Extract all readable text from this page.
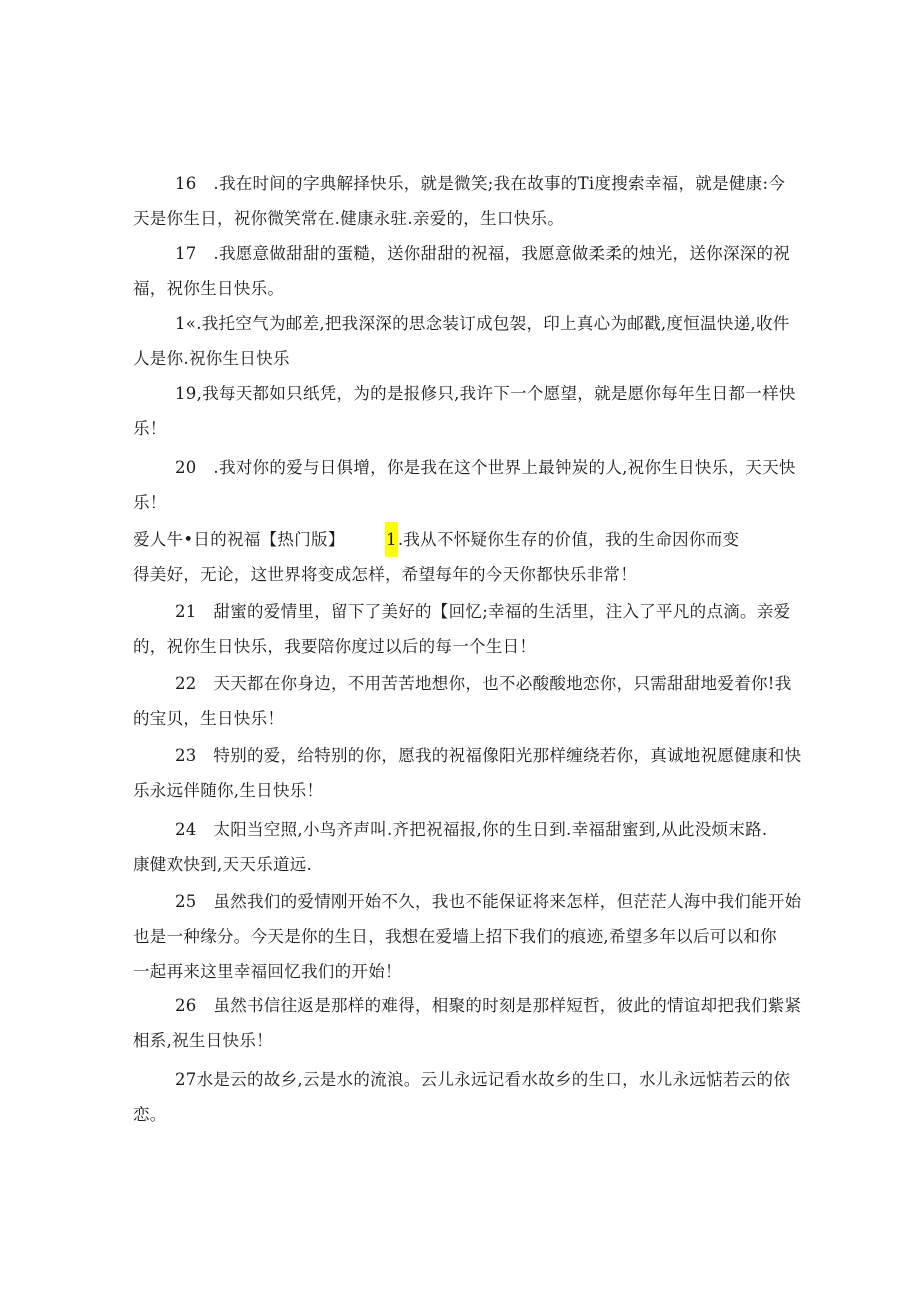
16　.我在时间的字典解择快乐，就是微笑;我在故事的Ti度搜索幸福，就是健康:今
天是你生日，祝你微笑常在.健康永驻.亲爱的，生口快乐。
17　.我愿意做甜甜的蛋糙，送你甜甜的祝福，我愿意做柔柔的烛光，送你深深的祝
福，祝你生日快乐。
1«.我托空气为邮差,把我深深的思念装订成包袈，印上真心为邮戳,度恒温快递,收件
人是你.祝你生日快乐
19,我每天都如只纸凭，为的是报修只,我许下一个愿望，就是愿你每年生日都一样快
乐！
20　.我对你的爱与日俱增，你是我在这个世界上最钟炭的人,祝你生日快乐，天天快
乐！
爱人牛•日的祝福【热门版】	1.我从不怀疑你生存的价值，我的生命因你而变
得美好，无论，这世界将变成怎样，希望每年的今天你都快乐非常！
21　甜蜜的爱情里，留下了美好的【回忆;幸福的生活里，注入了平凡的点滴。亲爱
的，祝你生日快乐，我要陪你度过以后的每一个生日！
22　天天都在你身边，不用苦苦地想你，也不必酸酸地恋你，只需甜甜地爱着你!我
的宝贝，生日快乐！
23　特别的爱，给特别的你，愿我的祝福像阳光那样缠绕若你，真诚地祝愿健康和快
乐永远伴随你,生日快乐！
24　太阳当空照,小鸟齐声叫.齐把祝福报,你的生日到.幸福甜蜜到,从此没烦末路.
康健欢快到,天天乐道远.
25　虽然我们的爱情刚开始不久，我也不能保证将来怎样，但茫茫人海中我们能开始
也是一种缘分。今天是你的生日，我想在爱墙上招下我们的痕迹,希望多年以后可以和你
一起再来这里幸福回忆我们的开始！
26　虽然书信往返是那样的难得，相聚的时刻是那样短哲，彼此的情谊却把我们紫紧
相系,祝生日快乐！
27水是云的故乡,云是水的流浪。云儿永远记看水故乡的生口，水儿永远惦若云的依
恋。
